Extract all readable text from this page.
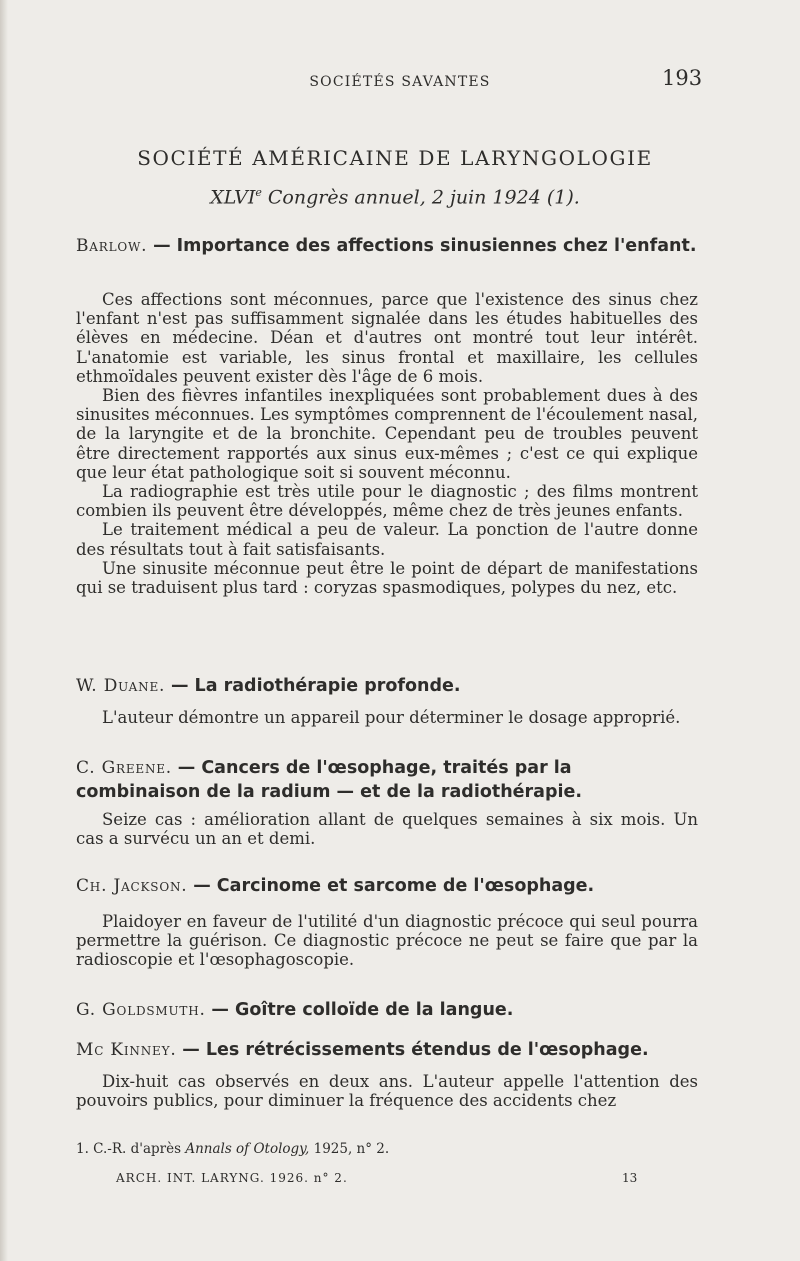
SOCIÉTÉS SAVANTES	193
SOCIÉTÉ AMÉRICAINE DE LARYNGOLOGIE
XLVIe Congrès annuel, 2 juin 1924 (1).
Barlow. — Importance des affections sinusiennes chez l'enfant.

Ces affections sont méconnues, parce que l'existence des sinus chez l'enfant n'est pas suffisamment signalée dans les études habituelles des élèves en médecine. Déan et d'autres ont montré tout leur intérêt. L'anatomie est variable, les sinus frontal et maxillaire, les cellules ethmoïdales peuvent exister dès l'âge de 6 mois.

Bien des fièvres infantiles inexpliquées sont probablement dues à des sinusites méconnues. Les symptômes comprennent de l'écoulement nasal, de la laryngite et de la bronchite. Cependant peu de troubles peuvent être directement rapportés aux sinus eux-mêmes ; c'est ce qui explique que leur état pathologique soit si souvent méconnu.

La radiographie est très utile pour le diagnostic ; des films montrent combien ils peuvent être développés, même chez de très jeunes enfants.

Le traitement médical a peu de valeur. La ponction de l'autre donne des résultats tout à fait satisfaisants.

Une sinusite méconnue peut être le point de départ de manifestations qui se traduisent plus tard : coryzas spasmodiques, polypes du nez, etc.

W. Duane. — La radiothérapie profonde.

L'auteur démontre un appareil pour déterminer le dosage approprié.

C. Greene. — Cancers de l'œsophage, traités par la combinaison de la radium — et de la radiothérapie.

Seize cas : amélioration allant de quelques semaines à six mois. Un cas a survécu un an et demi.

Ch. Jackson. — Carcinome et sarcome de l'œsophage.

Plaidoyer en faveur de l'utilité d'un diagnostic précoce qui seul pourra permettre la guérison. Ce diagnostic précoce ne peut se faire que par la radioscopie et l'œsophagoscopie.

G. Goldsmuth. — Goître colloïde de la langue.
Mc Kinney. — Les rétrécissements étendus de l'œsophage.

Dix-huit cas observés en deux ans. L'auteur appelle l'attention des pouvoirs publics, pour diminuer la fréquence des accidents chez

1. C.-R. d'après Annals of Otology, 1925, n° 2.
ARCH. INT. LARYNG. 1926. n° 2.	13
